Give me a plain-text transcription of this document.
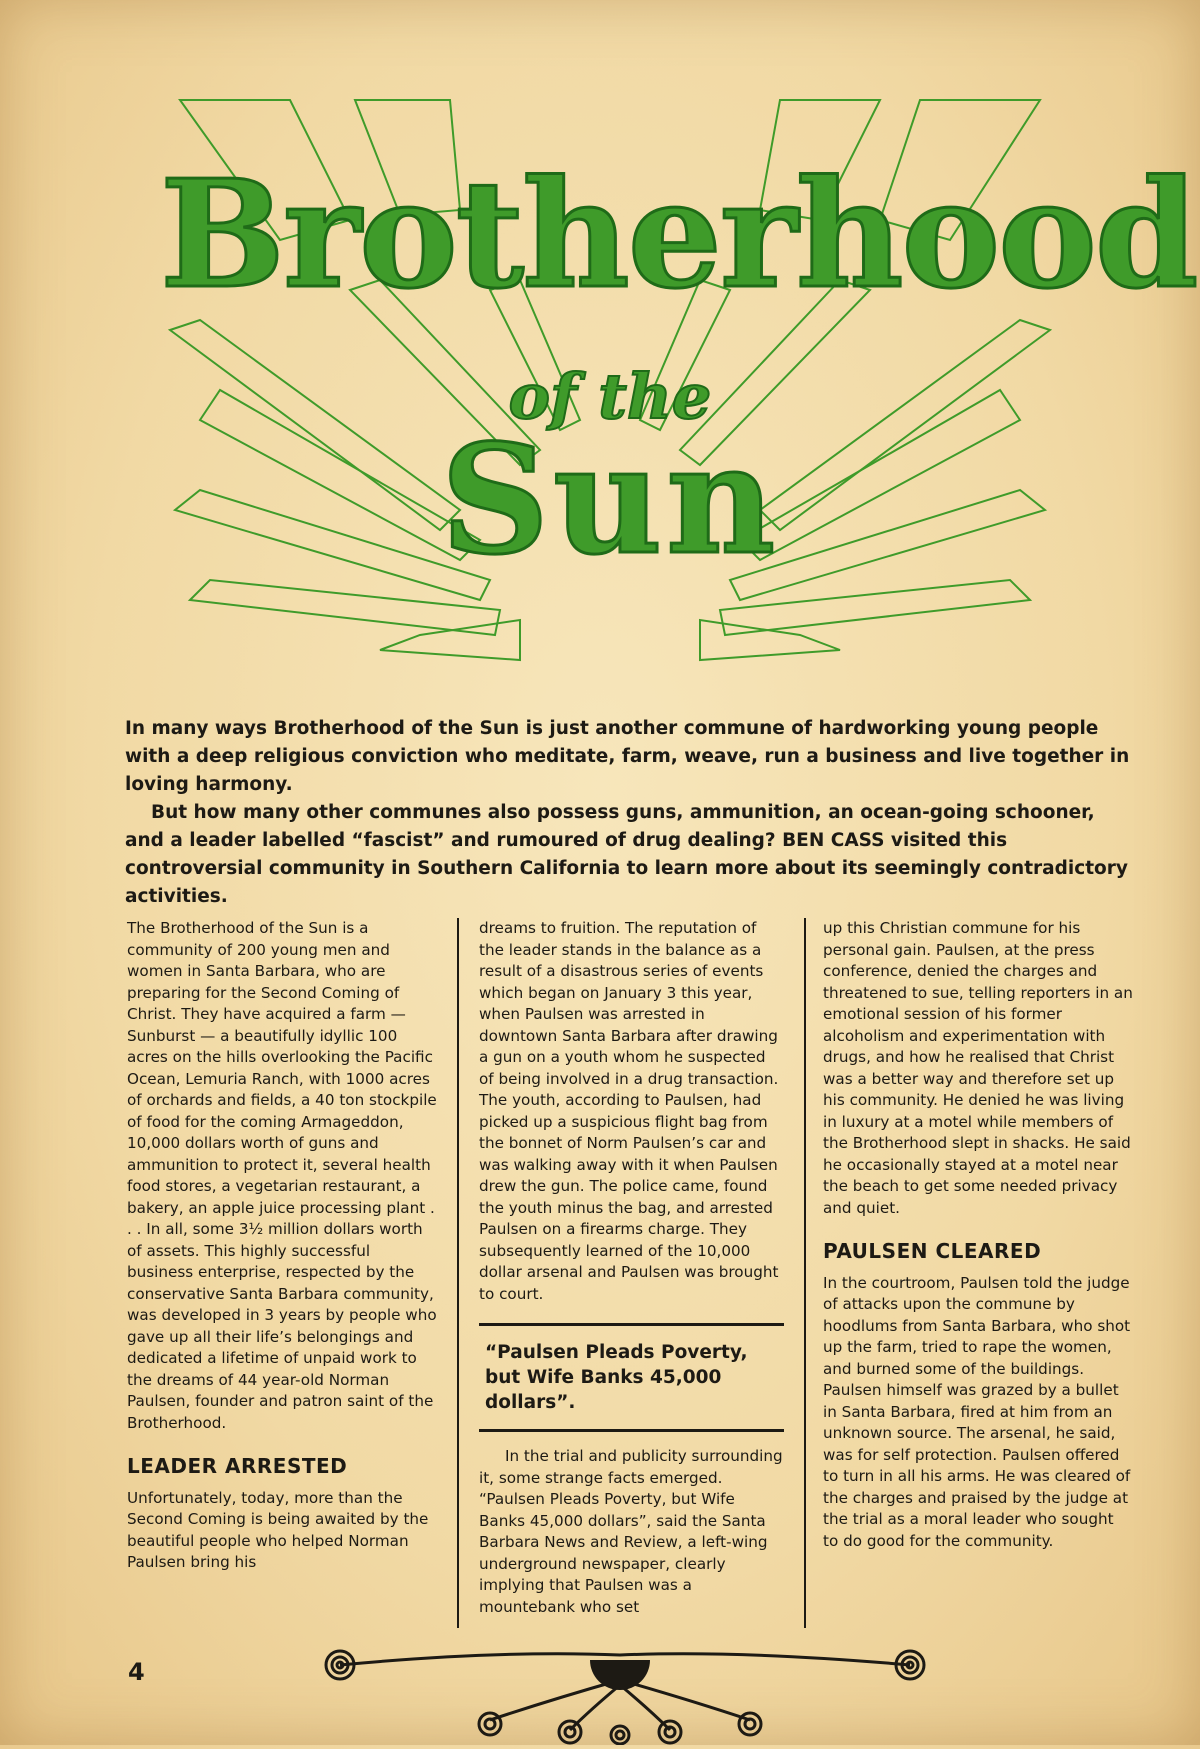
Brotherhood
of the
Sun

In many ways Brotherhood of the Sun is just another commune of hardworking young people with a deep religious conviction who meditate, farm, weave, run a business and live together in loving harmony.

But how many other communes also possess guns, ammunition, an ocean-going schooner, and a leader labelled “fascist” and rumoured of drug dealing? BEN CASS visited this controversial community in Southern California to learn more about its seemingly contradictory activities.

The Brotherhood of the Sun is a community of 200 young men and women in Santa Barbara, who are preparing for the Second Coming of Christ. They have acquired a farm — Sunburst — a beautifully idyllic 100 acres on the hills overlooking the Pacific Ocean, Lemuria Ranch, with 1000 acres of orchards and fields, a 40 ton stockpile of food for the coming Armageddon, 10,000 dollars worth of guns and ammunition to protect it, several health food stores, a vegetarian restaurant, a bakery, an apple juice processing plant . . . In all, some 3½ million dollars worth of assets. This highly successful business enterprise, respected by the conservative Santa Barbara community, was developed in 3 years by people who gave up all their life’s belongings and dedicated a lifetime of unpaid work to the dreams of 44 year-old Norman Paulsen, founder and patron saint of the Brotherhood.

LEADER ARRESTED

Unfortunately, today, more than the Second Coming is being awaited by the beautiful people who helped Norman Paulsen bring his

dreams to fruition. The reputation of the leader stands in the balance as a result of a disastrous series of events which began on January 3 this year, when Paulsen was arrested in downtown Santa Barbara after drawing a gun on a youth whom he suspected of being involved in a drug transaction. The youth, according to Paulsen, had picked up a suspicious flight bag from the bonnet of Norm Paulsen’s car and was walking away with it when Paulsen drew the gun. The police came, found the youth minus the bag, and arrested Paulsen on a firearms charge. They subsequently learned of the 10,000 dollar arsenal and Paulsen was brought to court.

“Paulsen Pleads Poverty, but Wife Banks 45,000 dollars”.

In the trial and publicity surrounding it, some strange facts emerged. “Paulsen Pleads Poverty, but Wife Banks 45,000 dollars”, said the Santa Barbara News and Review, a left-wing underground newspaper, clearly implying that Paulsen was a mountebank who set

up this Christian commune for his personal gain. Paulsen, at the press conference, denied the charges and threatened to sue, telling reporters in an emotional session of his former alcoholism and experimentation with drugs, and how he realised that Christ was a better way and therefore set up his community. He denied he was living in luxury at a motel while members of the Brotherhood slept in shacks. He said he occasionally stayed at a motel near the beach to get some needed privacy and quiet.

PAULSEN CLEARED

In the courtroom, Paulsen told the judge of attacks upon the commune by hoodlums from Santa Barbara, who shot up the farm, tried to rape the women, and burned some of the buildings. Paulsen himself was grazed by a bullet in Santa Barbara, fired at him from an unknown source. The arsenal, he said, was for self protection. Paulsen offered to turn in all his arms. He was cleared of the charges and praised by the judge at the trial as a moral leader who sought to do good for the community.

4
